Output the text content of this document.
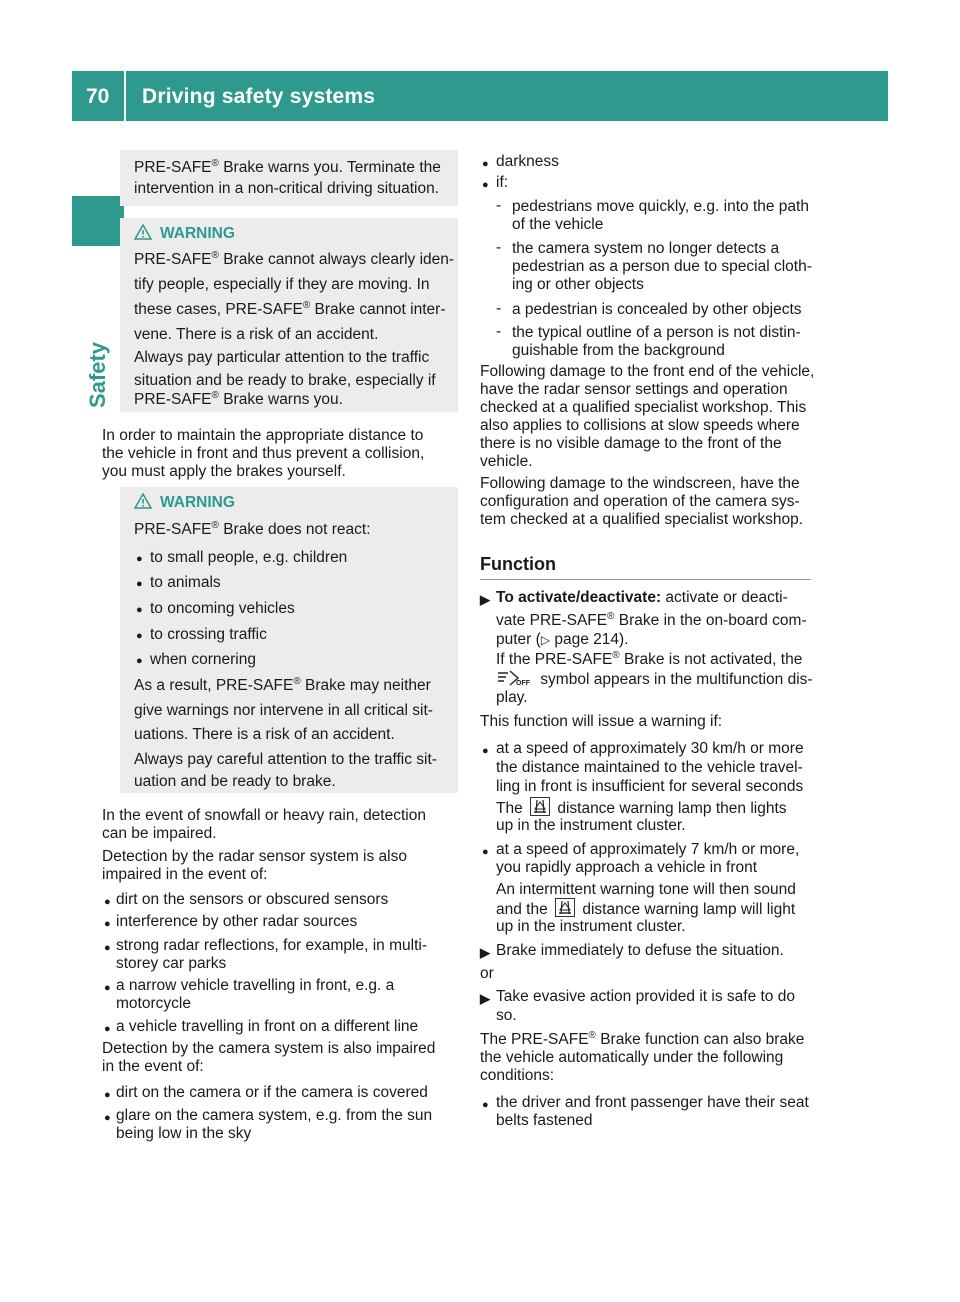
70 Driving safety systems
Safety

PRE-SAFE® Brake warns you. Terminate the

intervention in a non-critical driving situation.

WARNING

PRE-SAFE® Brake cannot always clearly iden-

tify people, especially if they are moving. In

these cases, PRE-SAFE® Brake cannot inter-

vene. There is a risk of an accident.

Always pay particular attention to the traffic

situation and be ready to brake, especially if

PRE-SAFE® Brake warns you.

In order to maintain the appropriate distance to

the vehicle in front and thus prevent a collision,

you must apply the brakes yourself.

WARNING

PRE-SAFE® Brake does not react:

● to small people, e.g. children

● to animals

● to oncoming vehicles

● to crossing traffic

● when cornering

As a result, PRE-SAFE® Brake may neither

give warnings nor intervene in all critical sit-

uations. There is a risk of an accident.

Always pay careful attention to the traffic sit-

uation and be ready to brake.

In the event of snowfall or heavy rain, detection

can be impaired.

Detection by the radar sensor system is also

impaired in the event of:

● dirt on the sensors or obscured sensors

● interference by other radar sources

● strong radar reflections, for example, in multi-

storey car parks

● a narrow vehicle travelling in front, e.g. a

motorcycle

● a vehicle travelling in front on a different line

Detection by the camera system is also impaired

in the event of:

● dirt on the camera or if the camera is covered

● glare on the camera system, e.g. from the sun

being low in the sky

● darkness

● if:

- pedestrians move quickly, e.g. into the path

of the vehicle

- the camera system no longer detects a

pedestrian as a person due to special cloth-

ing or other objects

- a pedestrian is concealed by other objects

- the typical outline of a person is not distin-

guishable from the background

Following damage to the front end of the vehicle,

have the radar sensor settings and operation

checked at a qualified specialist workshop. This

also applies to collisions at slow speeds where

there is no visible damage to the front of the

vehicle.

Following damage to the windscreen, have the

configuration and operation of the camera sys-

tem checked at a qualified specialist workshop.

Function
▶ To activate/deactivate: activate or deacti-

vate PRE-SAFE® Brake in the on-board com-

puter (▷ page 214).

If the PRE-SAFE® Brake is not activated, the

OFF symbol appears in the multifunction dis-

play.

This function will issue a warning if:

● at a speed of approximately 30 km/h or more

the distance maintained to the vehicle travel-

ling in front is insufficient for several seconds

The
distance warning lamp then lights

up in the instrument cluster.

● at a speed of approximately 7 km/h or more,

you rapidly approach a vehicle in front

An intermittent warning tone will then sound

and the
distance warning lamp will light

up in the instrument cluster.

▶ Brake immediately to defuse the situation.

or

▶ Take evasive action provided it is safe to do

so.

The PRE-SAFE® Brake function can also brake

the vehicle automatically under the following

conditions:

● the driver and front passenger have their seat

belts fastened
